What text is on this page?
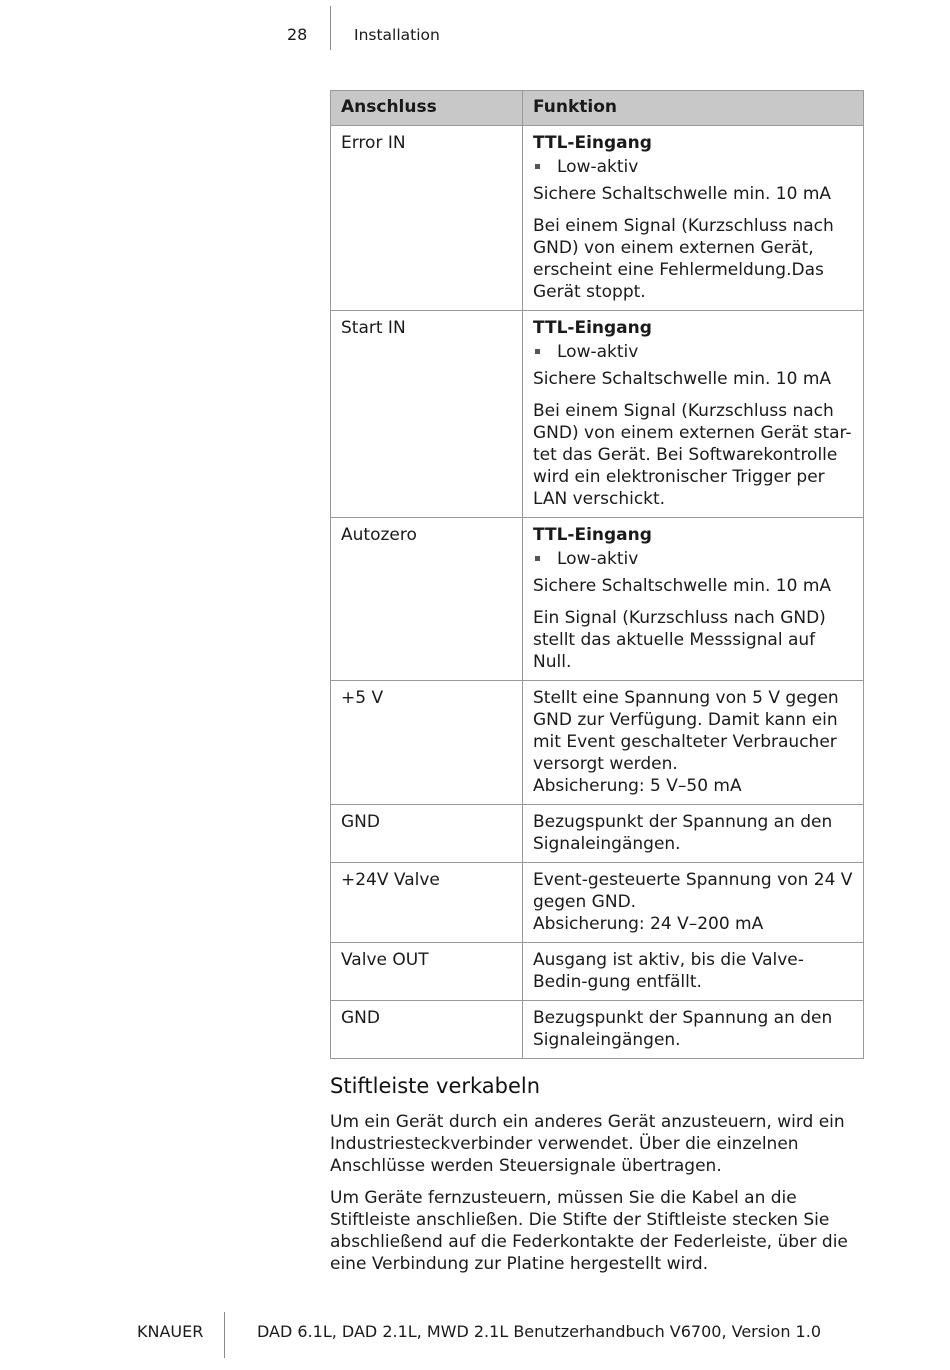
28	Installation
Anschluss	Funktion
Error IN	TTL-Eingang

Low-aktiv

Sichere Schaltschwelle min. 10 mA

Bei einem Signal (Kurzschluss nach GND) von einem externen Gerät, erscheint eine Fehlermeldung.Das Gerät stoppt.

Start IN	TTL-Eingang

Low-aktiv

Sichere Schaltschwelle min. 10 mA

Bei einem Signal (Kurzschluss nach GND) von einem externen Gerät star-tet das Gerät. Bei Softwarekontrolle wird ein elektronischer Trigger per LAN verschickt.

Autozero	TTL-Eingang

Low-aktiv

Sichere Schaltschwelle min. 10 mA

Ein Signal (Kurzschluss nach GND) stellt das aktuelle Messsignal auf Null.

+5 V	Stellt eine Spannung von 5 V gegen GND zur Verfügung. Damit kann ein mit Event geschalteter Verbraucher versorgt werden.

Absicherung: 5 V–50 mA

GND	Bezugspunkt der Spannung an den Signaleingängen.

+24V Valve	Event-gesteuerte Spannung von 24 V gegen GND.

Absicherung: 24 V–200 mA

Valve OUT	Ausgang ist aktiv, bis die Valve-Bedin-gung entfällt.

GND	Bezugspunkt der Spannung an den Signaleingängen.

Stiftleiste verkabeln

Um ein Gerät durch ein anderes Gerät anzusteuern, wird ein Industriesteckverbinder verwendet. Über die einzelnen Anschlüsse werden Steuersignale übertragen.

Um Geräte fernzusteuern, müssen Sie die Kabel an die Stiftleiste anschließen. Die Stifte der Stiftleiste stecken Sie abschließend auf die Federkontakte der Federleiste, über die eine Verbindung zur Platine hergestellt wird.

KNAUER	DAD 6.1L, DAD 2.1L, MWD 2.1L Benutzerhandbuch V6700, Version 1.0
